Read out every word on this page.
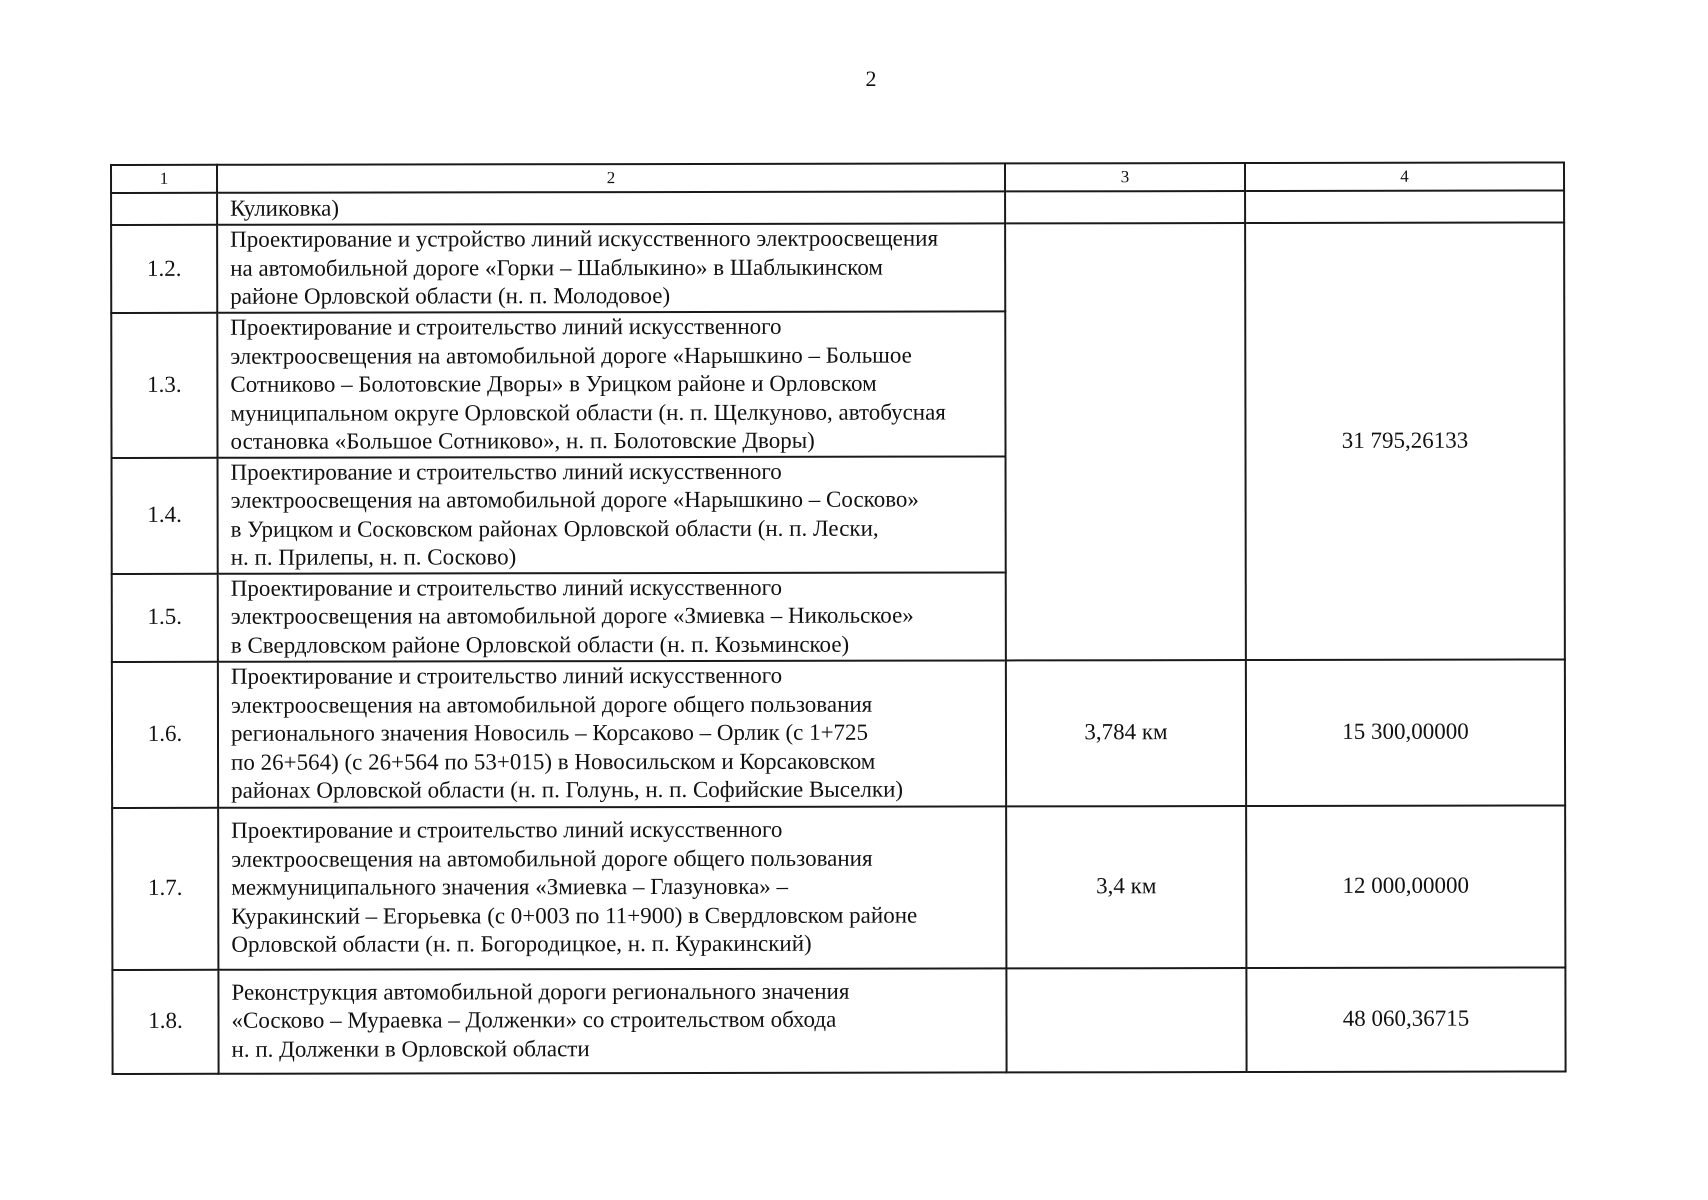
2
1	2	3	4
	Куликовка)		
1.2.	Проектирование и устройство линий искусственного электроосвещения
на автомобильной дороге «Горки – Шаблыкино» в Шаблыкинском
районе Орловской области (н. п. Молодовое)		31 795,26133
1.3.	Проектирование и строительство линий искусственного
электроосвещения на автомобильной дороге «Нарышкино – Большое
Сотниково – Болотовские Дворы» в Урицком районе и Орловском
муниципальном округе Орловской области (н. п. Щелкуново, автобусная
остановка «Большое Сотниково», н. п. Болотовские Дворы)		
1.4.	Проектирование и строительство линий искусственного
электроосвещения на автомобильной дороге «Нарышкино – Сосково»
в Урицком и Сосковском районах Орловской области (н. п. Лески,
н. п. Прилепы, н. п. Сосково)		
1.5.	Проектирование и строительство линий искусственного
электроосвещения на автомобильной дороге «Змиевка – Никольское»
в Свердловском районе Орловской области (н. п. Козьминское)		
1.6.	Проектирование и строительство линий искусственного
электроосвещения на автомобильной дороге общего пользования
регионального значения Новосиль – Корсаково – Орлик (с 1+725
по 26+564) (с 26+564 по 53+015) в Новосильском и Корсаковском
районах Орловской области (н. п. Голунь, н. п. Софийские Выселки)	3,784 км	15 300,00000
1.7.	Проектирование и строительство линий искусственного
электроосвещения на автомобильной дороге общего пользования
межмуниципального значения «Змиевка – Глазуновка» –
Куракинский – Егорьевка (с 0+003 по 11+900) в Свердловском районе
Орловской области (н. п. Богородицкое, н. п. Куракинский)	3,4 км	12 000,00000
1.8.	Реконструкция автомобильной дороги регионального значения
«Сосково – Мураевка – Долженки» со строительством обхода
н. п. Долженки в Орловской области		48 060,36715
